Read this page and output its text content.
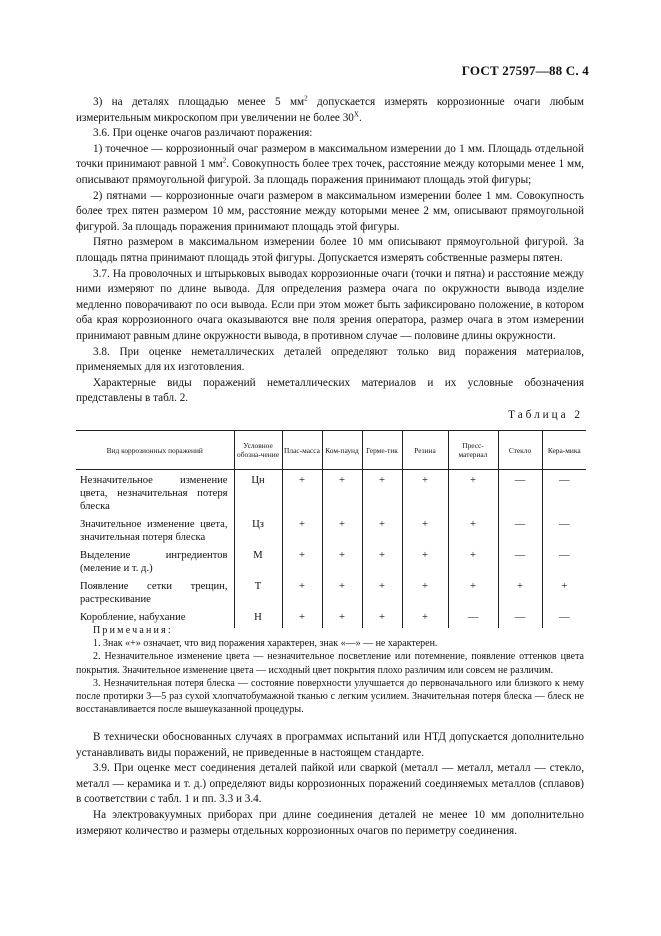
ГОСТ 27597—88 С. 4

3) на деталях площадью менее 5 $мм^2$ допускается измерять коррозионные очаги любым измерительным микроскопом при увеличении не более $30^X$.

3.6. При оценке очагов различают поражения:

1) точечное — коррозионный очаг размером в максимальном измерении до 1 мм. Площадь отдельной точки принимают равной 1 $мм^2$. Совокупность более трех точек, расстояние между которыми менее 1 мм, описывают прямоугольной фигурой. За площадь поражения принимают площадь этой фигуры;

2) пятнами — коррозионные очаги размером в максимальном измерении более 1 мм. Совокупность более трех пятен размером 10 мм, расстояние между которыми менее 2 мм, описывают прямоугольной фигурой. За площадь поражения принимают площадь этой фигуры.

Пятно размером в максимальном измерении более 10 мм описывают прямоугольной фигурой. За площадь пятна принимают площадь этой фигуры. Допускается измерять собственные размеры пятен.

3.7. На проволочных и штырьковых выводах коррозионные очаги (точки и пятна) и расстояние между ними измеряют по длине вывода. Для определения размера очага по окружности вывода изделие медленно поворачивают по оси вывода. Если при этом может быть зафиксировано положение, в котором оба края коррозионного очага оказываются вне поля зрения оператора, размер очага в этом измерении принимают равным длине окружности вывода, в противном случае — половине длины окружности.

3.8. При оценке неметаллических деталей определяют только вид поражения материалов, применяемых для их изготовления.

Характерные виды поражений неметаллических материалов и их условные обозначения представлены в табл. 2.

Таблица 2
Вид коррозионных поражений	Условное обозна-чение	Плас-масса	Ком-паунд	Герме-тик	Резина	Пресс-материал	Стекло	Кера-мика
Незначительное изменение цвета, незначительная потеря блеска	Цн	+	+	+	+	+	—	—
Значительное изменение цвета, значительная потеря блеска	Цз	+	+	+	+	+	—	—
Выделение ингредиентов (меление и т. д.)	М	+	+	+	+	+	—	—
Появление сетки трещин, растрескивание	Т	+	+	+	+	+	+	+
Коробление, набухание	Н	+	+	+	+	—	—	—

Примечания:

1. Знак «+» означает, что вид поражения характерен, знак «—» — не характерен.

2. Незначительное изменение цвета — незначительное посветление или потемнение, появление оттенков цвета покрытия. Значительное изменение цвета — исходный цвет покрытия плохо различим или совсем не различим.

3. Незначительная потеря блеска — состояние поверхности улучшается до первоначального или близкого к нему после протирки 3—5 раз сухой хлопчатобумажной тканью с легким усилием. Значительная потеря блеска — блеск не восстанавливается после вышеуказанной процедуры.

В технически обоснованных случаях в программах испытаний или НТД допускается дополнительно устанавливать виды поражений, не приведенные в настоящем стандарте.

3.9. При оценке мест соединения деталей пайкой или сваркой (металл — металл, металл — стекло, металл — керамика и т. д.) определяют виды коррозионных поражений соединяемых металлов (сплавов) в соответствии с табл. 1 и пп. 3.3 и 3.4.

На электровакуумных приборах при длине соединения деталей не менее 10 мм дополнительно измеряют количество и размеры отдельных коррозионных очагов по периметру соединения.
